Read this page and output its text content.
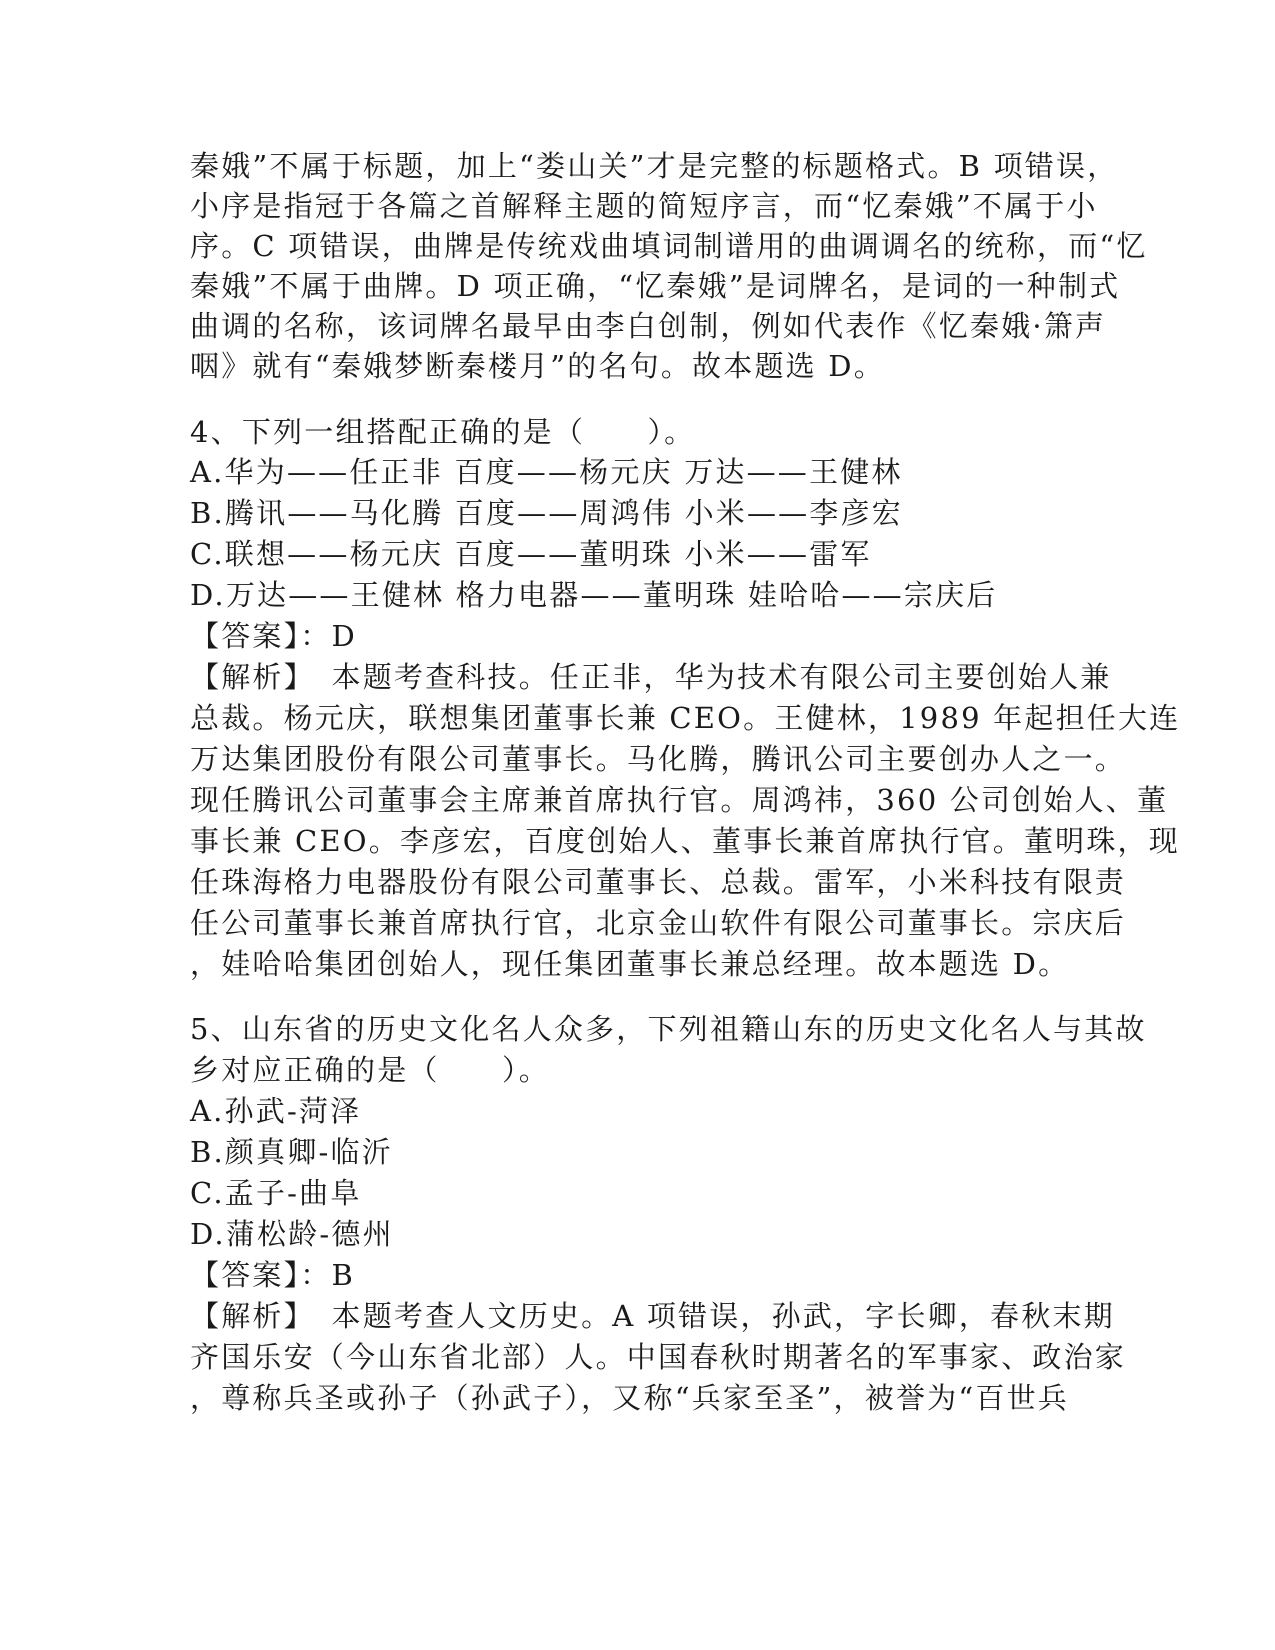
秦娥”不属于标题，加上“娄山关”才是完整的标题格式。B 项错误，
小序是指冠于各篇之首解释主题的简短序言，而“忆秦娥”不属于小
序。C 项错误，曲牌是传统戏曲填词制谱用的曲调调名的统称，而“忆
秦娥”不属于曲牌。D 项正确，“忆秦娥”是词牌名，是词的一种制式
曲调的名称，该词牌名最早由李白创制，例如代表作《忆秦娥·箫声
咽》就有“秦娥梦断秦楼月”的名句。故本题选 D。
4、下列一组搭配正确的是（　　）。
A.华为——任正非 百度——杨元庆 万达——王健林
B.腾讯——马化腾 百度——周鸿伟 小米——李彦宏
C.联想——杨元庆 百度——董明珠 小米——雷军
D.万达——王健林 格力电器——董明珠 娃哈哈——宗庆后
【答案】：D
【解析】　本题考查科技。任正非，华为技术有限公司主要创始人兼
总裁。杨元庆，联想集团董事长兼 CEO。王健林，1989 年起担任大连
万达集团股份有限公司董事长。马化腾，腾讯公司主要创办人之一。
现任腾讯公司董事会主席兼首席执行官。周鸿祎，360 公司创始人、董
事长兼 CEO。李彦宏，百度创始人、董事长兼首席执行官。董明珠，现
任珠海格力电器股份有限公司董事长、总裁。雷军，小米科技有限责
任公司董事长兼首席执行官，北京金山软件有限公司董事长。宗庆后
，娃哈哈集团创始人，现任集团董事长兼总经理。故本题选 D。
5、山东省的历史文化名人众多，下列祖籍山东的历史文化名人与其故
乡对应正确的是（　　）。
A.孙武-菏泽
B.颜真卿-临沂
C.孟子-曲阜
D.蒲松龄-德州
【答案】：B
【解析】　本题考查人文历史。A 项错误，孙武，字长卿，春秋末期
齐国乐安（今山东省北部）人。中国春秋时期著名的军事家、政治家
，尊称兵圣或孙子（孙武子），又称“兵家至圣”，被誉为“百世兵
